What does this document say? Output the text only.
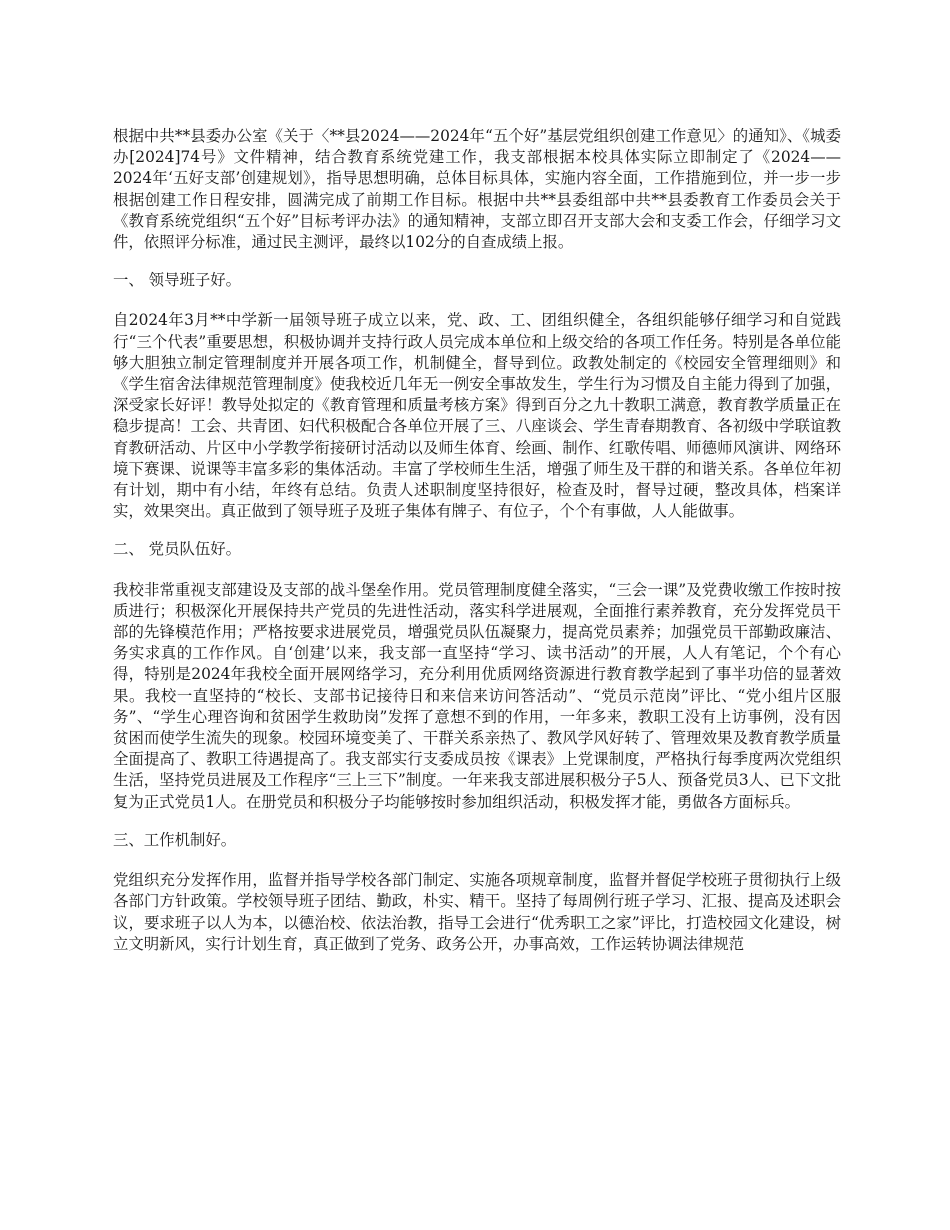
根据中共**县委办公室《关于〈**县2024——2024年“五个好”基层党组织创建工作意见〉的通知》、《城委办[2024]74号》文件精神，结合教育系统党建工作，我支部根据本校具体实际立即制定了《2024——2024年‘五好支部’创建规划》，指导思想明确，总体目标具体，实施内容全面，工作措施到位，并一步一步根据创建工作日程安排，圆满完成了前期工作目标。根据中共**县委组部中共**县委教育工作委员会关于《教育系统党组织“五个好”目标考评办法》的通知精神，支部立即召开支部大会和支委工作会，仔细学习文件，依照评分标准，通过民主测评，最终以102分的自查成绩上报。

一、 领导班子好。

自2024年3月**中学新一届领导班子成立以来，党、政、工、团组织健全，各组织能够仔细学习和自觉践行“三个代表”重要思想，积极协调并支持行政人员完成本单位和上级交给的各项工作任务。特别是各单位能够大胆独立制定管理制度并开展各项工作，机制健全，督导到位。政教处制定的《校园安全管理细则》和《学生宿舍法律规范管理制度》使我校近几年无一例安全事故发生，学生行为习惯及自主能力得到了加强，深受家长好评！教导处拟定的《教育管理和质量考核方案》得到百分之九十教职工满意，教育教学质量正在稳步提高！工会、共青团、妇代积极配合各单位开展了三、八座谈会、学生青春期教育、各初级中学联谊教育教研活动、片区中小学教学衔接研讨活动以及师生体育、绘画、制作、红歌传唱、师德师风演讲、网络环境下赛课、说课等丰富多彩的集体活动。丰富了学校师生生活，增强了师生及干群的和谐关系。各单位年初有计划，期中有小结，年终有总结。负责人述职制度坚持很好，检查及时，督导过硬，整改具体，档案详实，效果突出。真正做到了领导班子及班子集体有牌子、有位子，个个有事做，人人能做事。

二、 党员队伍好。

我校非常重视支部建设及支部的战斗堡垒作用。党员管理制度健全落实，“三会一课”及党费收缴工作按时按质进行；积极深化开展保持共产党员的先进性活动，落实科学进展观，全面推行素养教育，充分发挥党员干部的先锋模范作用；严格按要求进展党员，增强党员队伍凝聚力，提高党员素养；加强党员干部勤政廉洁、务实求真的工作作风。自‘创建’以来，我支部一直坚持“学习、读书活动”的开展，人人有笔记，个个有心得，特别是2024年我校全面开展网络学习，充分利用优质网络资源进行教育教学起到了事半功倍的显著效果。我校一直坚持的“校长、支部书记接待日和来信来访问答活动”、“党员示范岗”评比、“党小组片区服务”、“学生心理咨询和贫困学生救助岗”发挥了意想不到的作用，一年多来，教职工没有上访事例，没有因贫困而使学生流失的现象。校园环境变美了、干群关系亲热了、教风学风好转了、管理效果及教育教学质量全面提高了、教职工待遇提高了。我支部实行支委成员按《课表》上党课制度，严格执行每季度两次党组织生活，坚持党员进展及工作程序“三上三下”制度。一年来我支部进展积极分子5人、预备党员3人、已下文批复为正式党员1人。在册党员和积极分子均能够按时参加组织活动，积极发挥才能，勇做各方面标兵。

三、工作机制好。

党组织充分发挥作用，监督并指导学校各部门制定、实施各项规章制度，监督并督促学校班子贯彻执行上级各部门方针政策。学校领导班子团结、勤政，朴实、精干。坚持了每周例行班子学习、汇报、提高及述职会议，要求班子以人为本，以德治校、依法治教，指导工会进行“优秀职工之家”评比，打造校园文化建设，树立文明新风，实行计划生育，真正做到了党务、政务公开，办事高效，工作运转协调法律规范
